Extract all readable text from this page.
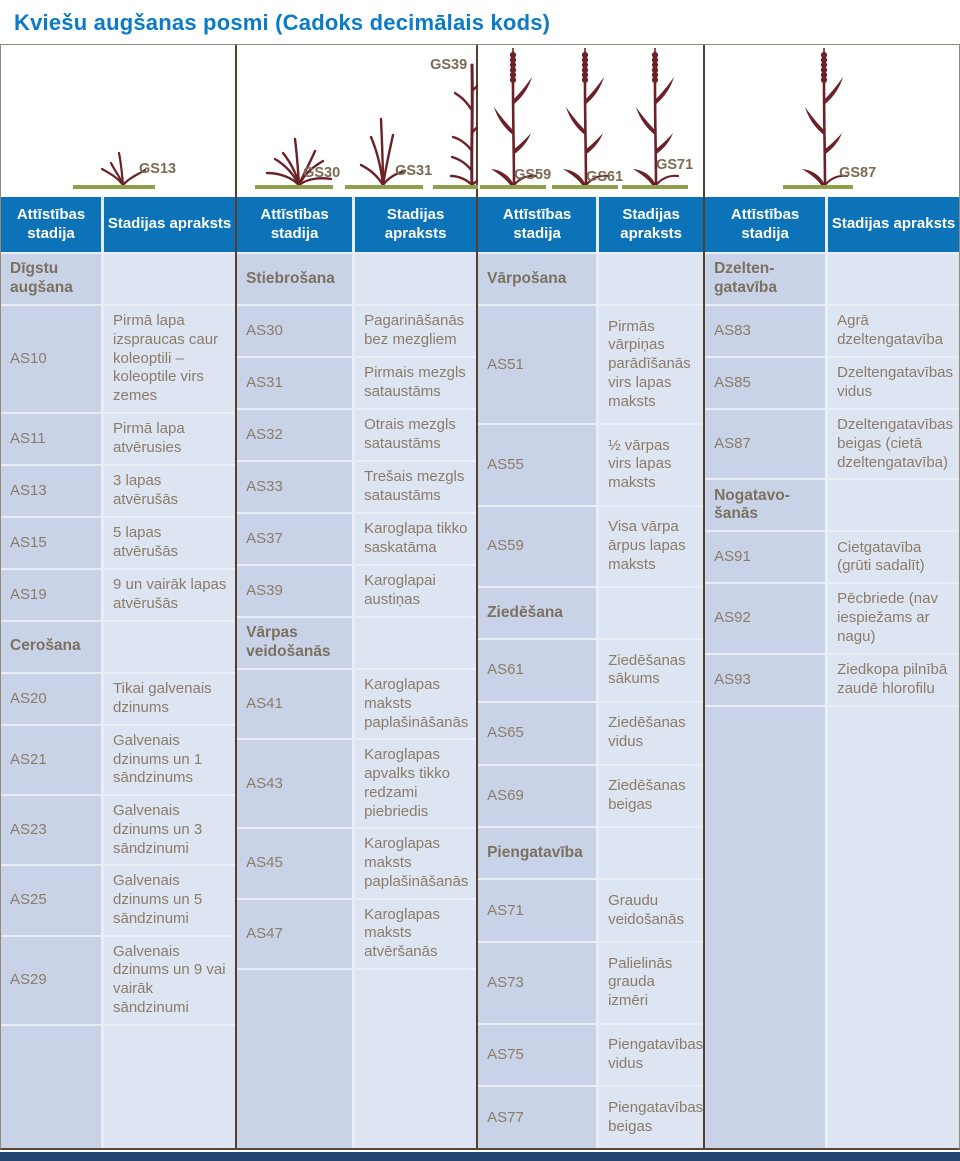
Kviešu augšanas posmi (Cadoks decimālais kods)
GS13
Attīstības stadija
Stadijas apraksts
Dīgstu augšana
AS10
Pirmā lapa izspraucas caur koleoptili – koleoptile virs zemes
AS11
Pirmā lapa atvērusies
AS13
3 lapas atvērušās
AS15
5 lapas atvērušās
AS19
9 un vairāk lapas atvērušās
Cerošana
AS20
Tikai galvenais dzinums
AS21
Galvenais dzinums un 1 sāndzinums
AS23
Galvenais dzinums un 3 sāndzinumi
AS25
Galvenais dzinums un 5 sāndzinumi
AS29
Galvenais dzinums un 9 vai vairāk sāndzinumi
GS30	GS31
GS39
Attīstības stadija
Stadijas apraksts
Stiebrošana
AS30
Pagarināšanās bez mezgliem
AS31
Pirmais mezgls sataustāms
AS32
Otrais mezgls sataustāms
AS33
Trešais mezgls sataustāms
AS37
Karoglapa tikko saskatāma
AS39
Karoglapai austiņas
Vārpas veidošanās
AS41
Karoglapas maksts paplašināšanās
AS43
Karoglapas apvalks tikko redzami piebriedis
AS45
Karoglapas maksts paplašināšanās
AS47
Karoglapas maksts atvēršanās
GS59 GS61
GS71
Attīstības stadija
Stadijas apraksts
Vārpošana
AS51
Pirmās vārpiņas parādīšanās virs lapas maksts
AS55
½ vārpas virs lapas maksts
AS59
Visa vārpa ārpus lapas maksts
Ziedēšana
AS61
Ziedēšanas sākums
AS65
Ziedēšanas vidus
AS69
Ziedēšanas beigas
Piengatavība
AS71
Graudu veidošanās
AS73
Palielinās grauda izmēri
AS75
Piengatavības vidus
AS77
Piengatavības beigas
GS87
Attīstības stadija
Stadijas apraksts
Dzelten-gatavība
AS83
Agrā dzeltengatavība
AS85
Dzeltengatavības vidus
AS87
Dzeltengatavības beigas (cietā dzeltengatavība)
Nogatavo-šanās
AS91
Cietgatavība (grūti sadalīt)
AS92
Pēcbriede (nav iespiežams ar nagu)
AS93
Ziedkopa pilnībā zaudē hlorofilu
